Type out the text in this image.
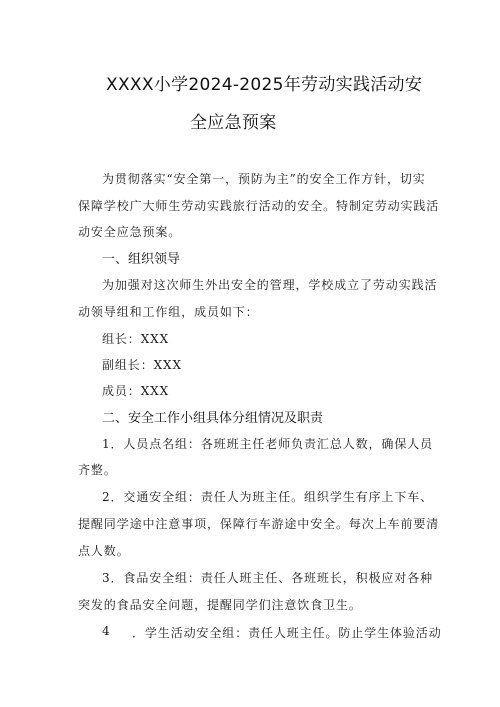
XXXX小学2024-2025年劳动实践活动安
全应急预案
为贯彻落实“安全第一，预防为主”的安全工作方针，切实
保障学校广大师生劳动实践旅行活动的安全。特制定劳动实践活
动安全应急预案。
一、组织领导
为加强对这次师生外出安全的管理，学校成立了劳动实践活
动领导组和工作组，成员如下：
组长：XXX
副组长：XXX
成员：XXX
二、安全工作小组具体分组情况及职责
1．人员点名组：各班班主任老师负责汇总人数，确保人员
齐整。
2．交通安全组：责任人为班主任。组织学生有序上下车、
提醒同学途中注意事项，保障行车游途中安全。每次上车前要清
点人数。
3．食品安全组：责任人班主任、各班班长，积极应对各种
突发的食品安全问题，提醒同学们注意饮食卫生。
4 ．学生活动安全组：责任人班主任。防止学生体验活动
